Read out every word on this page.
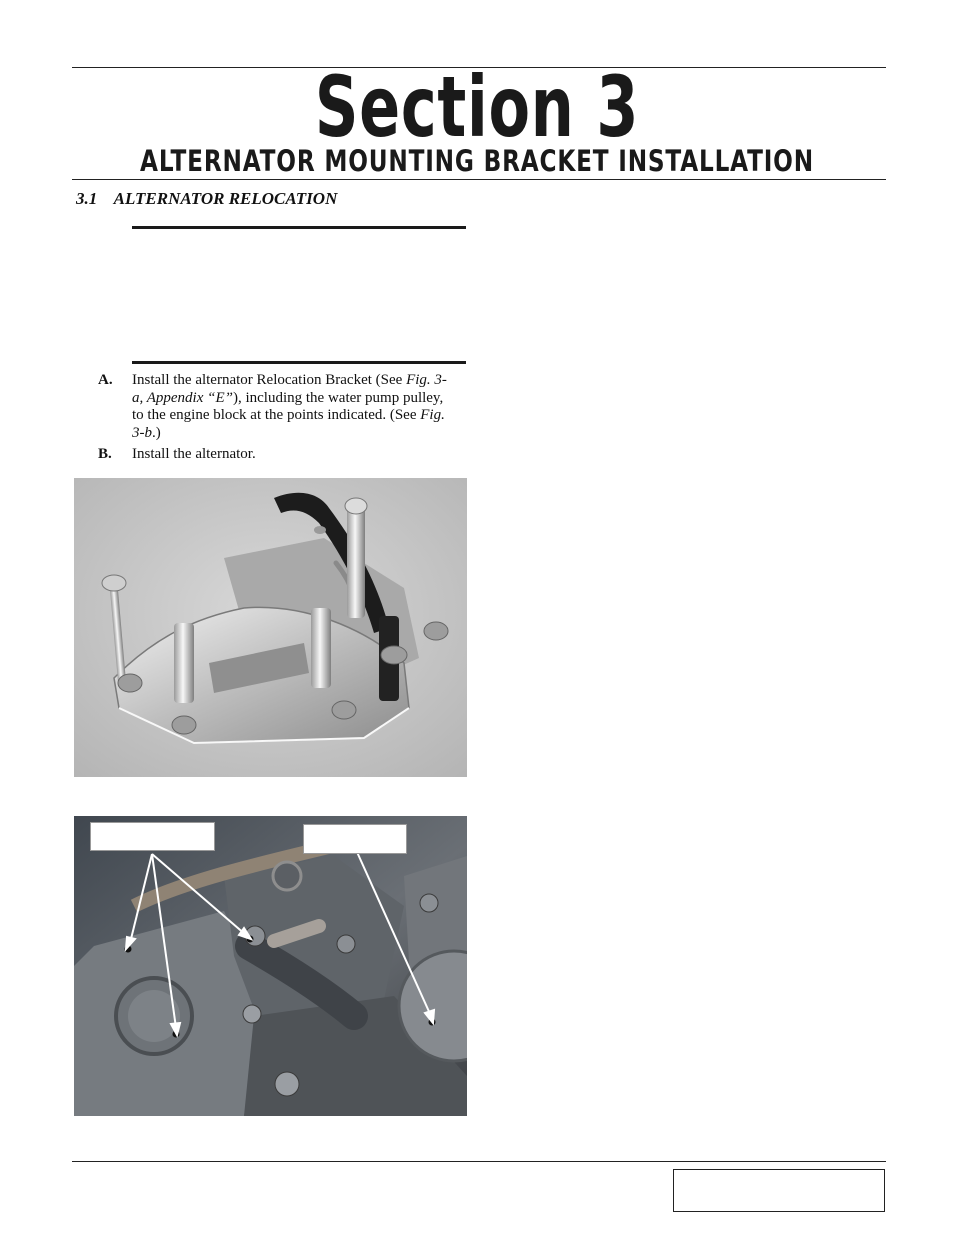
Section 3
ALTERNATOR MOUNTING BRACKET INSTALLATION
3.1    ALTERNATOR RELOCATION
A. Install the alternator Relocation Bracket (See Fig. 3-a, Appendix “E”), including the water pump pulley, to the engine block at the points indicated. (See Fig. 3-b.)
B. Install the alternator.
